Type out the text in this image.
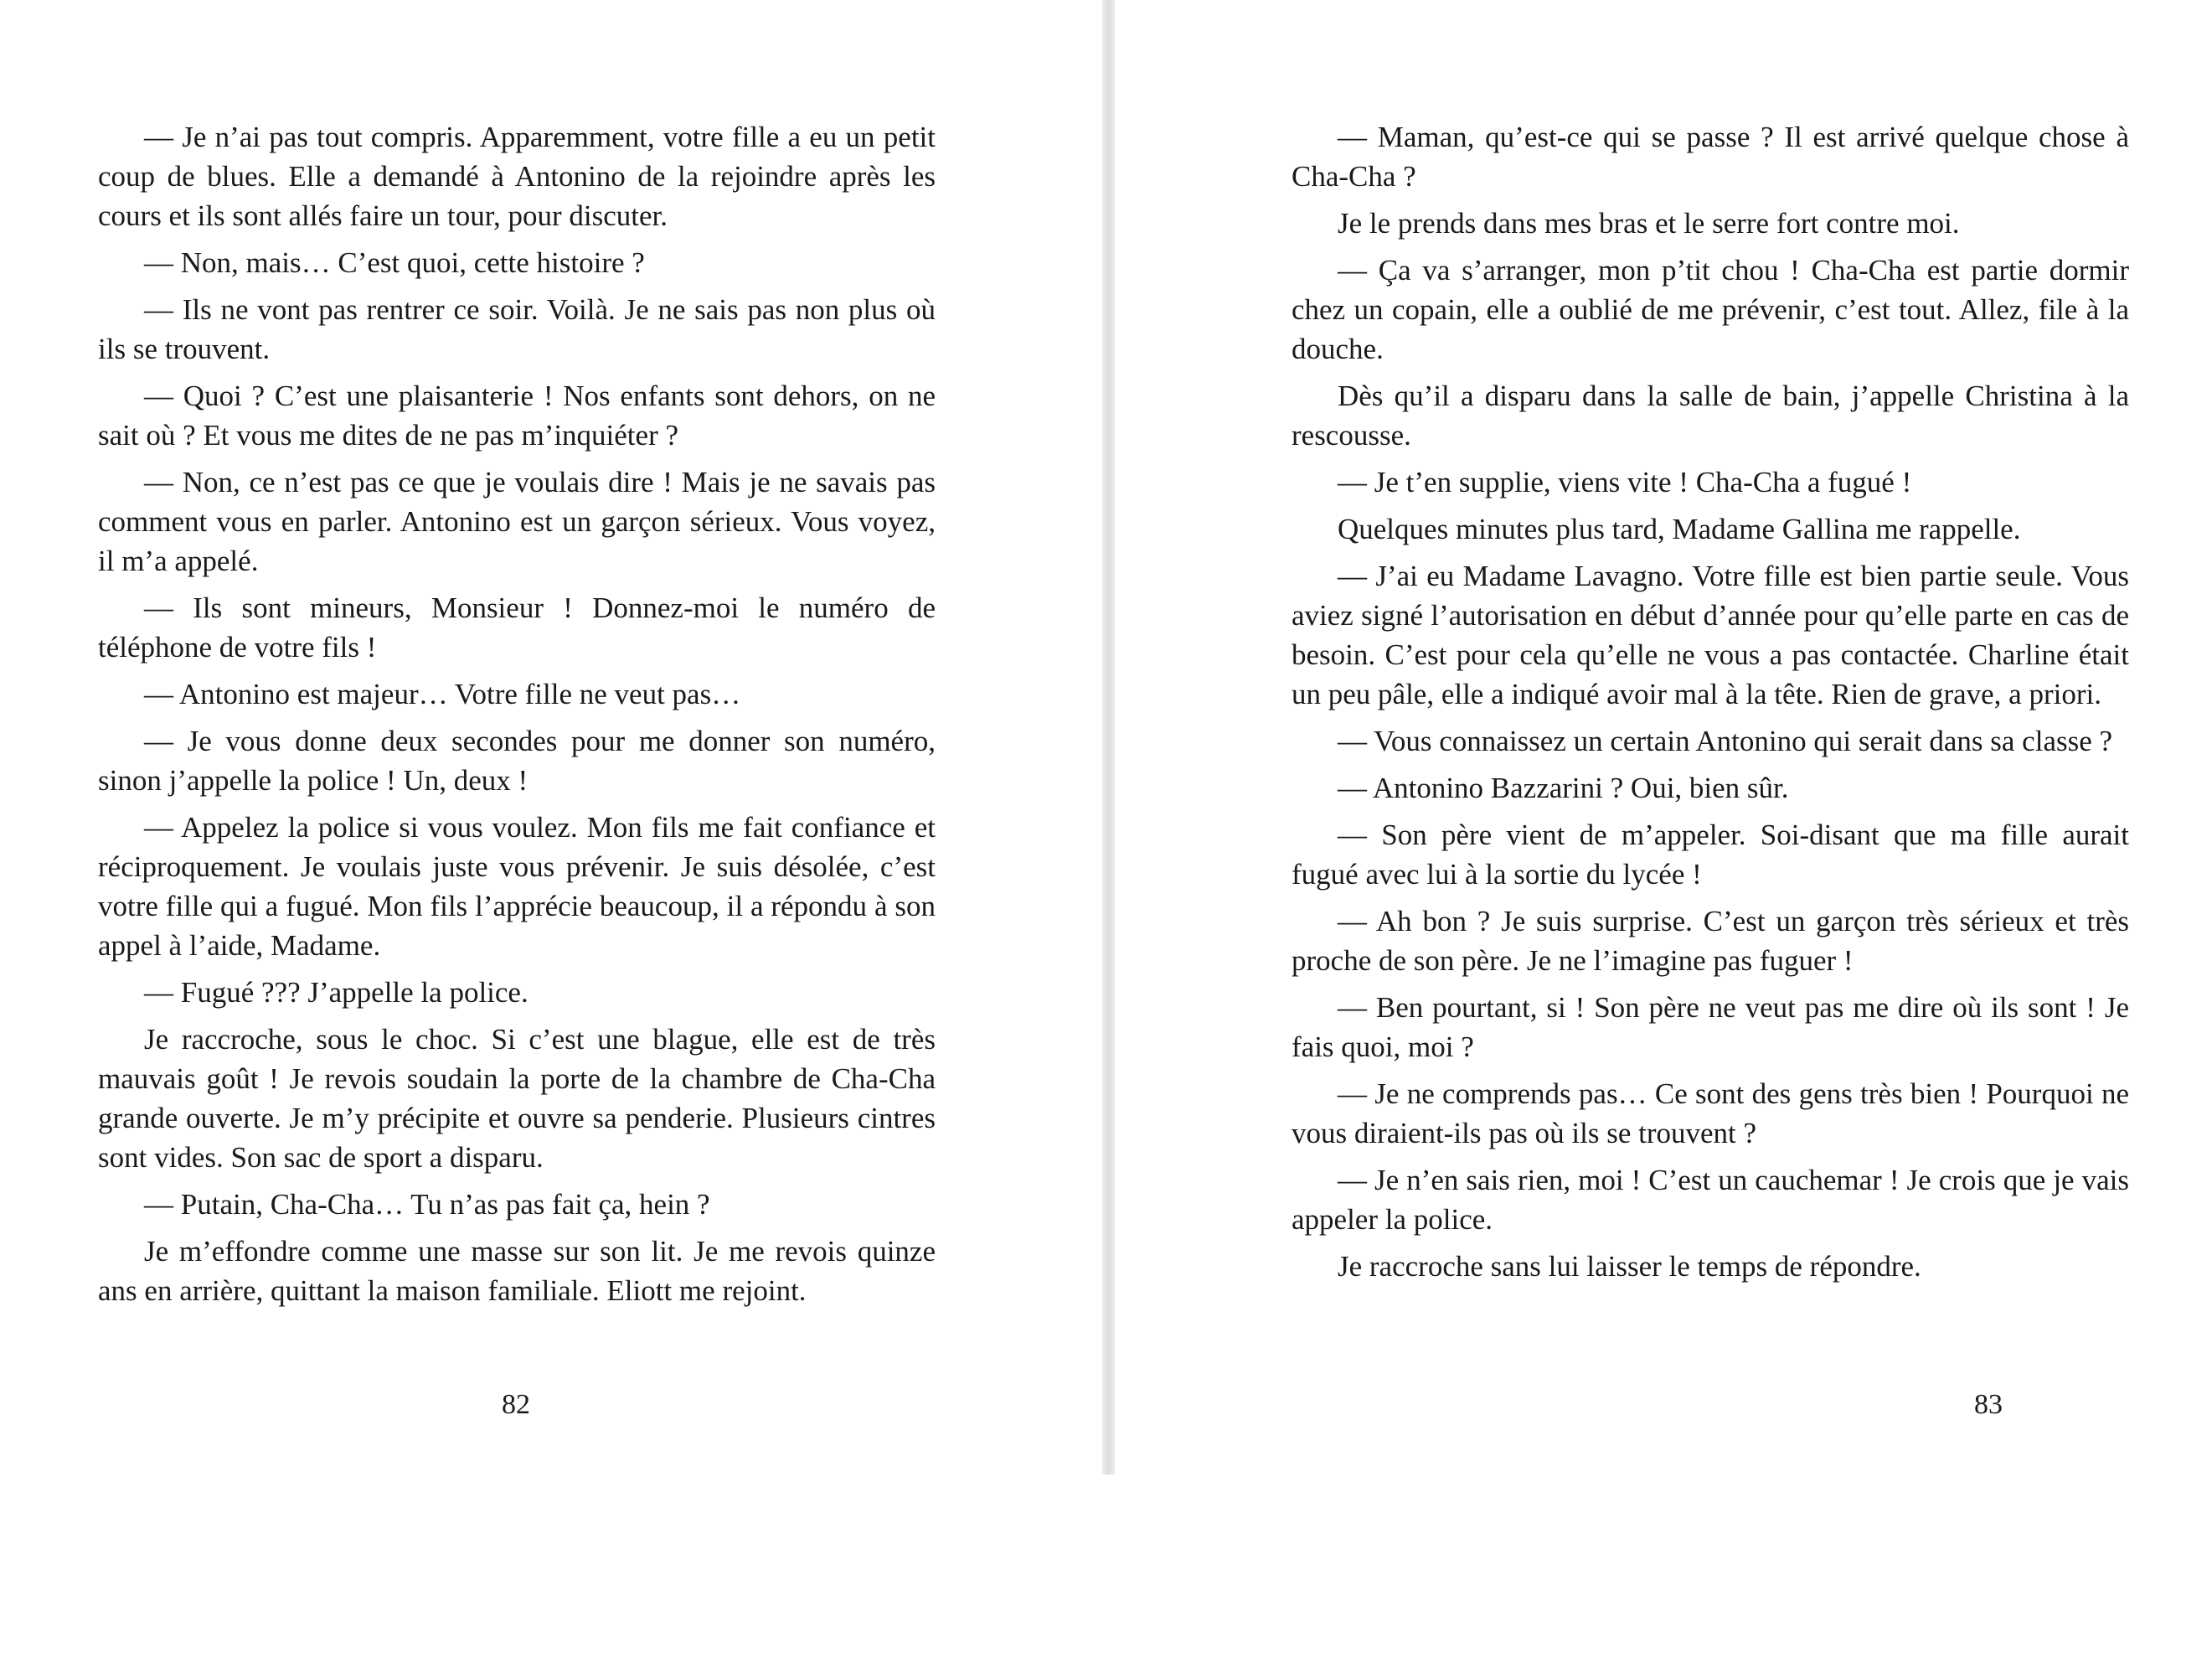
— Je n’ai pas tout compris. Apparemment, votre fille a eu un petit coup de blues. Elle a demandé à Antonino de la rejoindre après les cours et ils sont allés faire un tour, pour discuter.

— Non, mais… C’est quoi, cette histoire ?

— Ils ne vont pas rentrer ce soir. Voilà. Je ne sais pas non plus où ils se trouvent.

— Quoi ? C’est une plaisanterie ! Nos enfants sont dehors, on ne sait où ? Et vous me dites de ne pas m’inquiéter ?

— Non, ce n’est pas ce que je voulais dire ! Mais je ne savais pas comment vous en parler. Antonino est un garçon sérieux. Vous voyez, il m’a appelé.

— Ils sont mineurs, Monsieur ! Donnez-moi le numéro de téléphone de votre fils !

— Antonino est majeur… Votre fille ne veut pas…

— Je vous donne deux secondes pour me donner son numéro, sinon j’appelle la police ! Un, deux !

— Appelez la police si vous voulez. Mon fils me fait confiance et réciproquement. Je voulais juste vous prévenir. Je suis désolée, c’est votre fille qui a fugué. Mon fils l’apprécie beaucoup, il a répondu à son appel à l’aide, Madame.

— Fugué ??? J’appelle la police.

Je raccroche, sous le choc. Si c’est une blague, elle est de très mauvais goût ! Je revois soudain la porte de la chambre de Cha-Cha grande ouverte. Je m’y précipite et ouvre sa penderie. Plusieurs cintres sont vides. Son sac de sport a disparu.

— Putain, Cha-Cha… Tu n’as pas fait ça, hein ?

Je m’effondre comme une masse sur son lit. Je me revois quinze ans en arrière, quittant la maison familiale. Eliott me rejoint.

82

— Maman, qu’est-ce qui se passe ? Il est arrivé quelque chose à Cha-Cha ?

Je le prends dans mes bras et le serre fort contre moi.

— Ça va s’arranger, mon p’tit chou ! Cha-Cha est partie dormir chez un copain, elle a oublié de me prévenir, c’est tout. Allez, file à la douche.

Dès qu’il a disparu dans la salle de bain, j’appelle Christina à la rescousse.

— Je t’en supplie, viens vite ! Cha-Cha a fugué !

Quelques minutes plus tard, Madame Gallina me rappelle.

— J’ai eu Madame Lavagno. Votre fille est bien partie seule. Vous aviez signé l’autorisation en début d’année pour qu’elle parte en cas de besoin. C’est pour cela qu’elle ne vous a pas contactée. Charline était un peu pâle, elle a indiqué avoir mal à la tête. Rien de grave, a priori.

— Vous connaissez un certain Antonino qui serait dans sa classe ?

— Antonino Bazzarini ? Oui, bien sûr.

— Son père vient de m’appeler. Soi-disant que ma fille aurait fugué avec lui à la sortie du lycée !

— Ah bon ? Je suis surprise. C’est un garçon très sérieux et très proche de son père. Je ne l’imagine pas fuguer !

— Ben pourtant, si ! Son père ne veut pas me dire où ils sont ! Je fais quoi, moi ?

— Je ne comprends pas… Ce sont des gens très bien ! Pourquoi ne vous diraient-ils pas où ils se trouvent ?

— Je n’en sais rien, moi ! C’est un cauchemar ! Je crois que je vais appeler la police.

Je raccroche sans lui laisser le temps de répondre.

83
